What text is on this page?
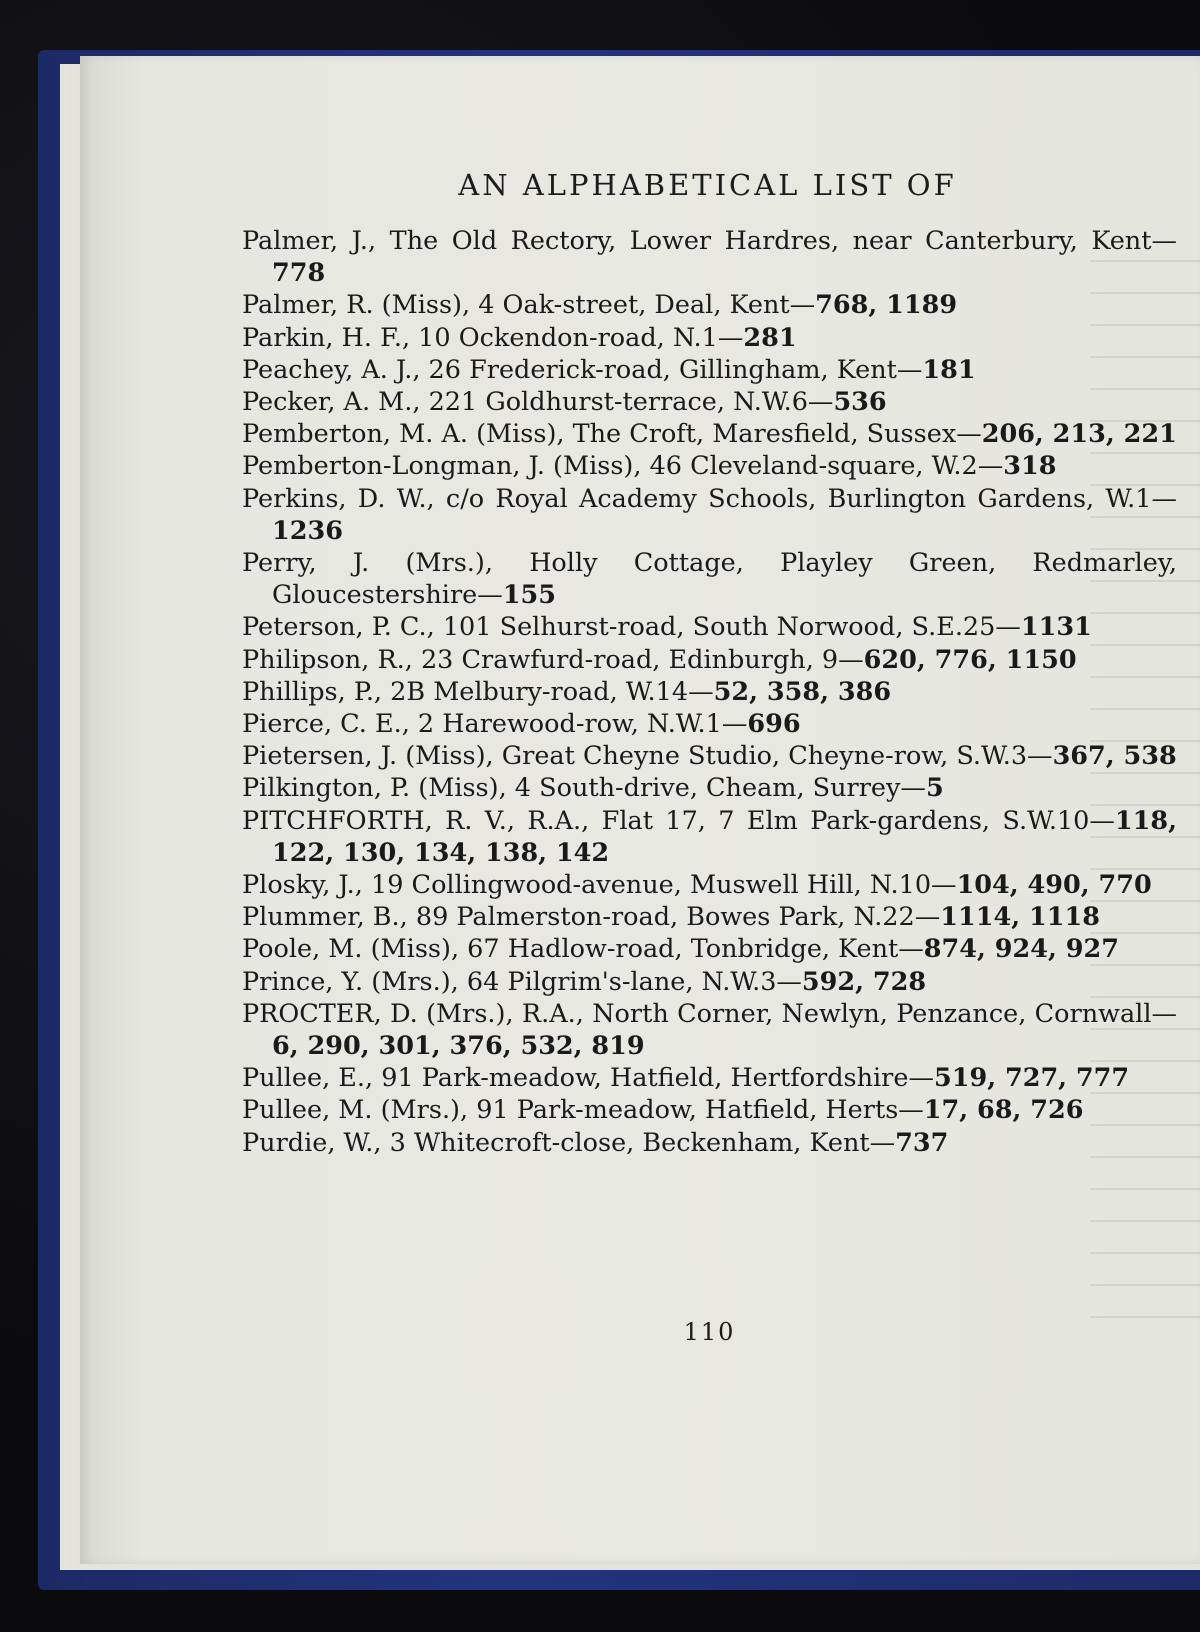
AN ALPHABETICAL LIST OF

Palmer, J., The Old Rectory, Lower Hardres, near Canterbury, Kent—778

Palmer, R. (Miss), 4 Oak-street, Deal, Kent—768, 1189

Parkin, H. F., 10 Ockendon-road, N.1—281

Peachey, A. J., 26 Frederick-road, Gillingham, Kent—181

Pecker, A. M., 221 Goldhurst-terrace, N.W.6—536

Pemberton, M. A. (Miss), The Croft, Maresfield, Sussex—206, 213, 221

Pemberton-Longman, J. (Miss), 46 Cleveland-square, W.2—318

Perkins, D. W., c/o Royal Academy Schools, Burlington Gardens, W.1—1236

Perry, J. (Mrs.), Holly Cottage, Playley Green, Redmarley, Gloucestershire—155

Peterson, P. C., 101 Selhurst-road, South Norwood, S.E.25—1131

Philipson, R., 23 Crawfurd-road, Edinburgh, 9—620, 776, 1150

Phillips, P., 2B Melbury-road, W.14—52, 358, 386

Pierce, C. E., 2 Harewood-row, N.W.1—696

Pietersen, J. (Miss), Great Cheyne Studio, Cheyne-row, S.W.3—367, 538

Pilkington, P. (Miss), 4 South-drive, Cheam, Surrey—5

PITCHFORTH, R. V., R.A., Flat 17, 7 Elm Park-gardens, S.W.10—118, 122, 130, 134, 138, 142

Plosky, J., 19 Collingwood-avenue, Muswell Hill, N.10—104, 490, 770

Plummer, B., 89 Palmerston-road, Bowes Park, N.22—1114, 1118

Poole, M. (Miss), 67 Hadlow-road, Tonbridge, Kent—874, 924, 927

Prince, Y. (Mrs.), 64 Pilgrim's-lane, N.W.3—592, 728

PROCTER, D. (Mrs.), R.A., North Corner, Newlyn, Penzance, Cornwall—6, 290, 301, 376, 532, 819

Pullee, E., 91 Park-meadow, Hatfield, Hertfordshire—519, 727, 777

Pullee, M. (Mrs.), 91 Park-meadow, Hatfield, Herts—17, 68, 726

Purdie, W., 3 Whitecroft-close, Beckenham, Kent—737

110
